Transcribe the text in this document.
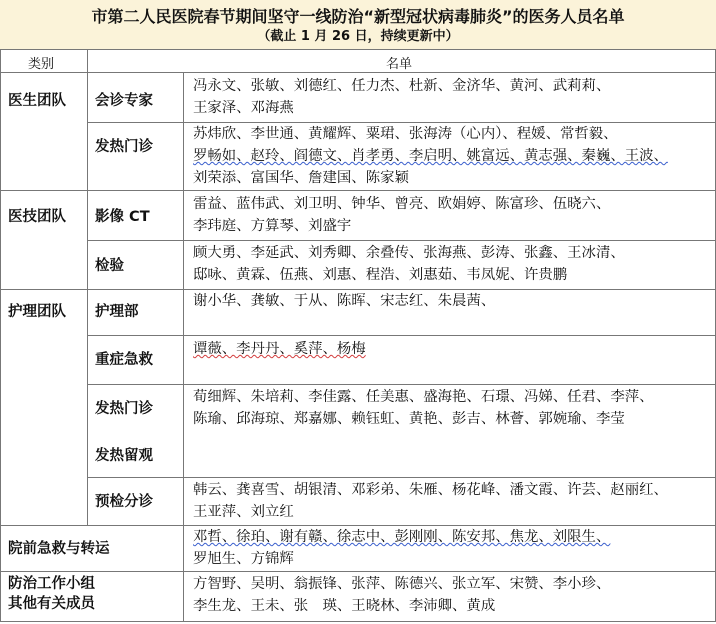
市第二人民医院春节期间坚守一线防治“新型冠状病毒肺炎”的医务人员名单
（截止 1 月 26 日，持续更新中）
类别	名单
医生团队 会诊专家
冯永文、张敏、刘德红、任力杰、杜新、金济华、黄河、武莉莉、
王家泽、邓海燕
发热门诊
苏炜欣、李世通、黄耀辉、粟珺、张海涛（心内）、程媛、常哲毅、
罗畅如、赵玲、阎德文、肖孝勇、李启明、姚富远、黄志强、秦巍、王波、
刘荣添、富国华、詹建国、陈家颖
医技团队 影像 CT
雷益、蓝伟武、刘卫明、钟华、曾亮、欧娟婷、陈富珍、伍晓六、
李玮庭、方算琴、刘盛宇
检验
顾大勇、李延武、刘秀卿、余叠传、张海燕、彭涛、张鑫、王冰清、
邸咏、黄霖、伍燕、刘惠、程浩、刘惠茹、韦凤妮、许贵鹏
护理团队 护理部
谢小华、龚敏、于从、陈晖、宋志红、朱晨茜、
重症急救
谭薇、李丹丹、奚萍、杨梅
发热门诊
发热留观
荀细辉、朱培莉、李佳露、任美惠、盛海艳、石璟、冯娣、任君、李萍、
陈瑜、邱海琼、郑嘉娜、赖钰虹、黄艳、彭吉、林薈、郭婉瑜、李莹
预检分诊
韩云、龚喜雪、胡银清、邓彩弟、朱雁、杨花峰、潘文霞、许芸、赵丽红、
王亚萍、刘立红
院前急救与转运
邓哲、徐珀、谢有赣、徐志中、彭刚刚、陈安邦、焦龙、刘限生、
罗旭生、方锦辉
防治工作小组
其他有关成员
方智野、吴明、翁振锋、张萍、陈德兴、张立军、宋赞、李小珍、
李生龙、王未、张　瑛、王晓林、李沛卿、黄成
